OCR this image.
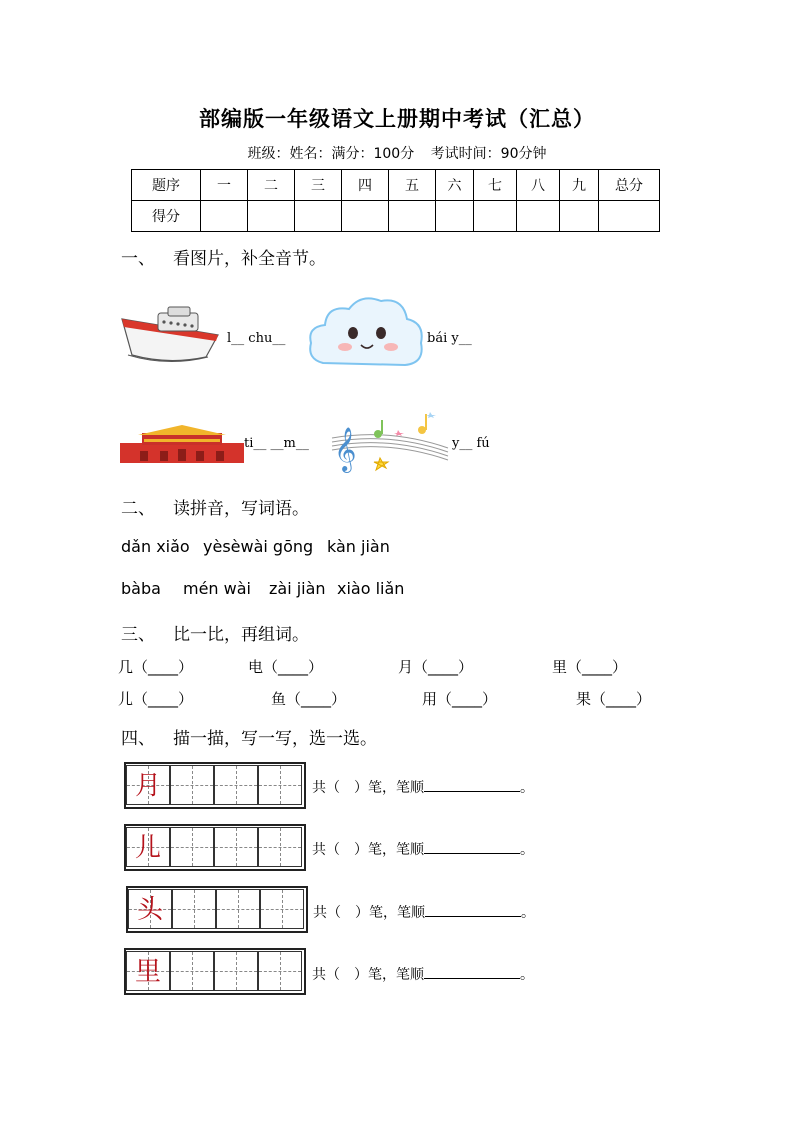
部编版一年级语文上册期中考试（汇总）
班级：姓名：满分：100分 考试时间：90分钟
题序	一	二	三	四	五	六	七	八	九	总分
得分										
一、 看图片，补全音节。
l__ chu__	bái y__
ti__ __m__ 𝄞	y__ fú
二、 读拼音，写词语。
dǎn xiǎo yèsèwài gōng kàn jiàn
bàba mén wài zài jiàn xiào liǎn
三、 比一比，再组词。
几（____）	电（____）	月（____）	里（____）
儿（____）	鱼（____）	用（____）	果（____）
四、 描一描，写一写，选一选。
月	共（　）笔，笔顺	。
儿	共（　）笔，笔顺	。
头	共（　）笔，笔顺	。
里	共（　）笔，笔顺	。
